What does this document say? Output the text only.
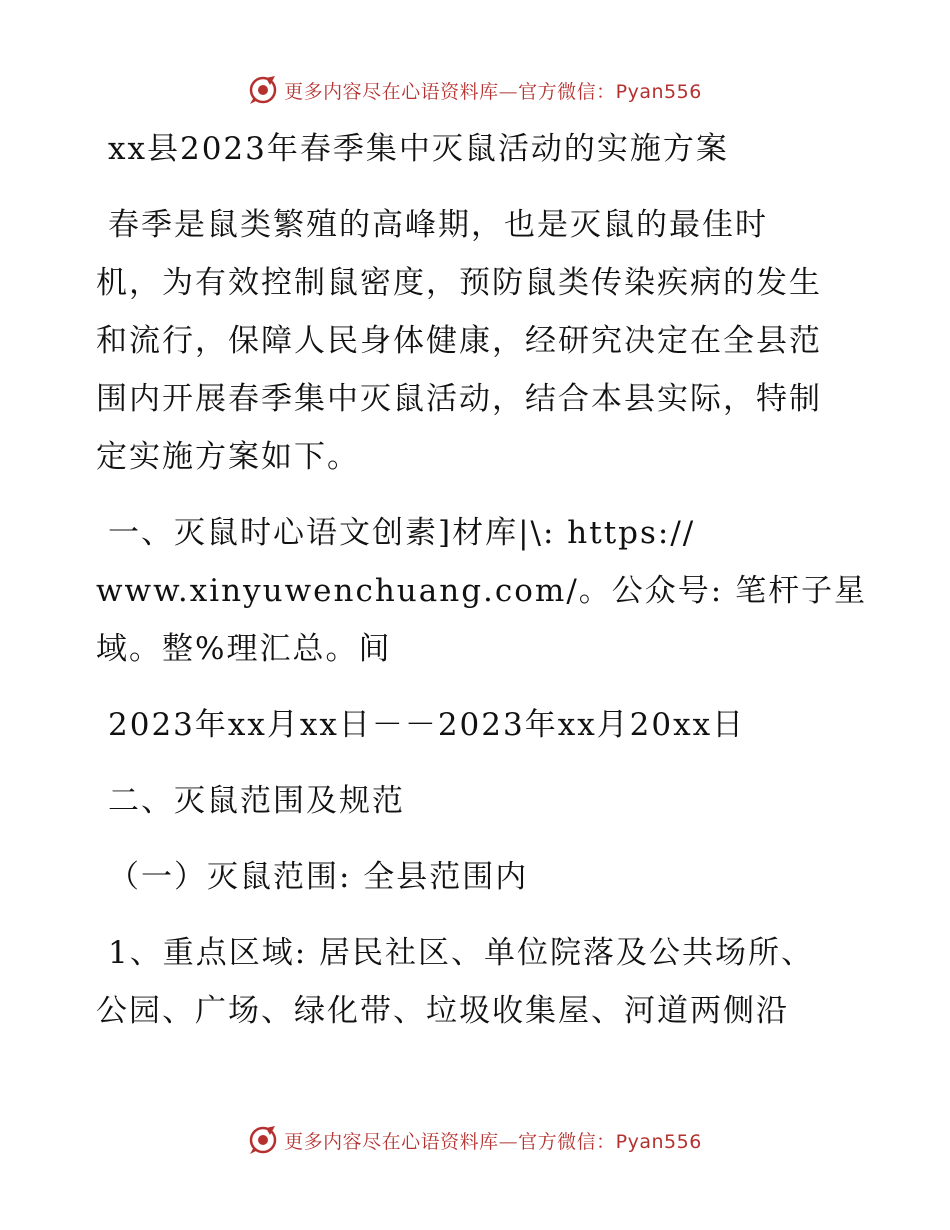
更多内容尽在心语资料库—官方微信：Pyan556
xx县2023年春季集中灭鼠活动的实施方案
春季是鼠类繁殖的高峰期，也是灭鼠的最佳时
机，为有效控制鼠密度，预防鼠类传染疾病的发生
和流行，保障人民身体健康，经研究决定在全县范
围内开展春季集中灭鼠活动，结合本县实际，特制
定实施方案如下。
一、灭鼠时心语文创素]材库|\: https://
www.xinyuwenchuang.com/。公众号: 笔杆子星
域。整%理汇总。间
2023年xx月xx日－－2023年xx月20xx日
二、灭鼠范围及规范
（一）灭鼠范围: 全县范围内
1、重点区域: 居民社区、单位院落及公共场所、
公园、广场、绿化带、垃圾收集屋、河道两侧沿
更多内容尽在心语资料库—官方微信：Pyan556
